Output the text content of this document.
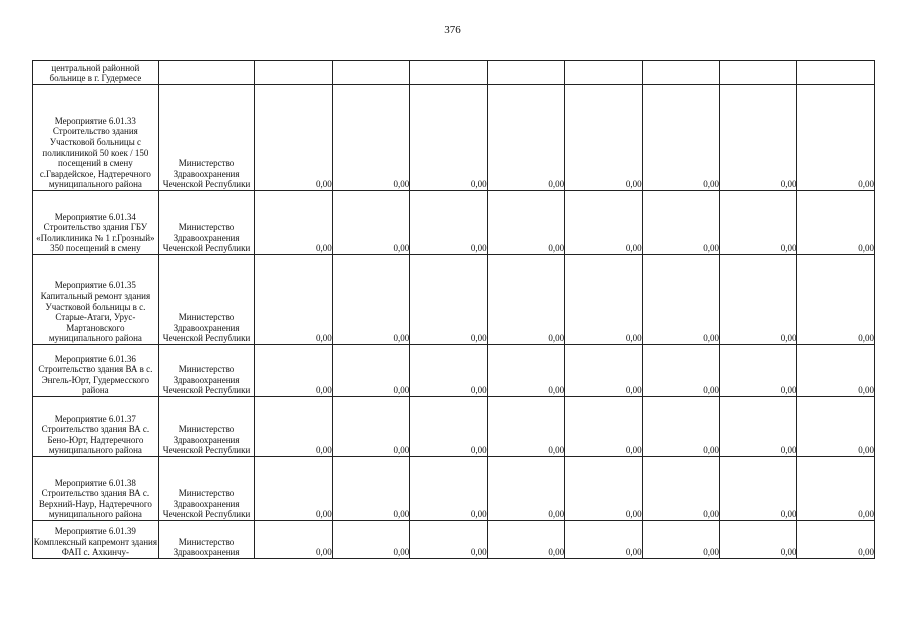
376
центральной районной больнице в г. Гудермесе									
Мероприятие 6.01.33 Строительство здания Участковой больницы с поликлиникой 50 коек / 150 посещений в смену с.Гвардейское, Надтеречного муниципального района	Министерство Здравоохранения Чеченской Республики	0,00	0,00	0,00	0,00	0,00	0,00	0,00	0,00
Мероприятие 6.01.34 Строительство здания ГБУ «Поликлиника № 1 г.Грозный» 350 посещений в смену	Министерство Здравоохранения Чеченской Республики	0,00	0,00	0,00	0,00	0,00	0,00	0,00	0,00
Мероприятие 6.01.35 Капитальный ремонт здания Участковой больницы в с. Старые-Атаги, Урус-Мартановского муниципального района	Министерство Здравоохранения Чеченской Республики	0,00	0,00	0,00	0,00	0,00	0,00	0,00	0,00
Мероприятие 6.01.36 Строительство здания ВА в с. Энгель-Юрт, Гудермесского района	Министерство Здравоохранения Чеченской Республики	0,00	0,00	0,00	0,00	0,00	0,00	0,00	0,00
Мероприятие 6.01.37 Строительство здания ВА с. Бено-Юрт, Надтеречного муниципального района	Министерство Здравоохранения Чеченской Республики	0,00	0,00	0,00	0,00	0,00	0,00	0,00	0,00
Мероприятие 6.01.38 Строительство здания ВА с. Верхний-Наур, Надтеречного муниципального района	Министерство Здравоохранения Чеченской Республики	0,00	0,00	0,00	0,00	0,00	0,00	0,00	0,00
Мероприятие 6.01.39 Комплексный капремонт здания ФАП с. Ахкинчу-	Министерство Здравоохранения	0,00	0,00	0,00	0,00	0,00	0,00	0,00	0,00
